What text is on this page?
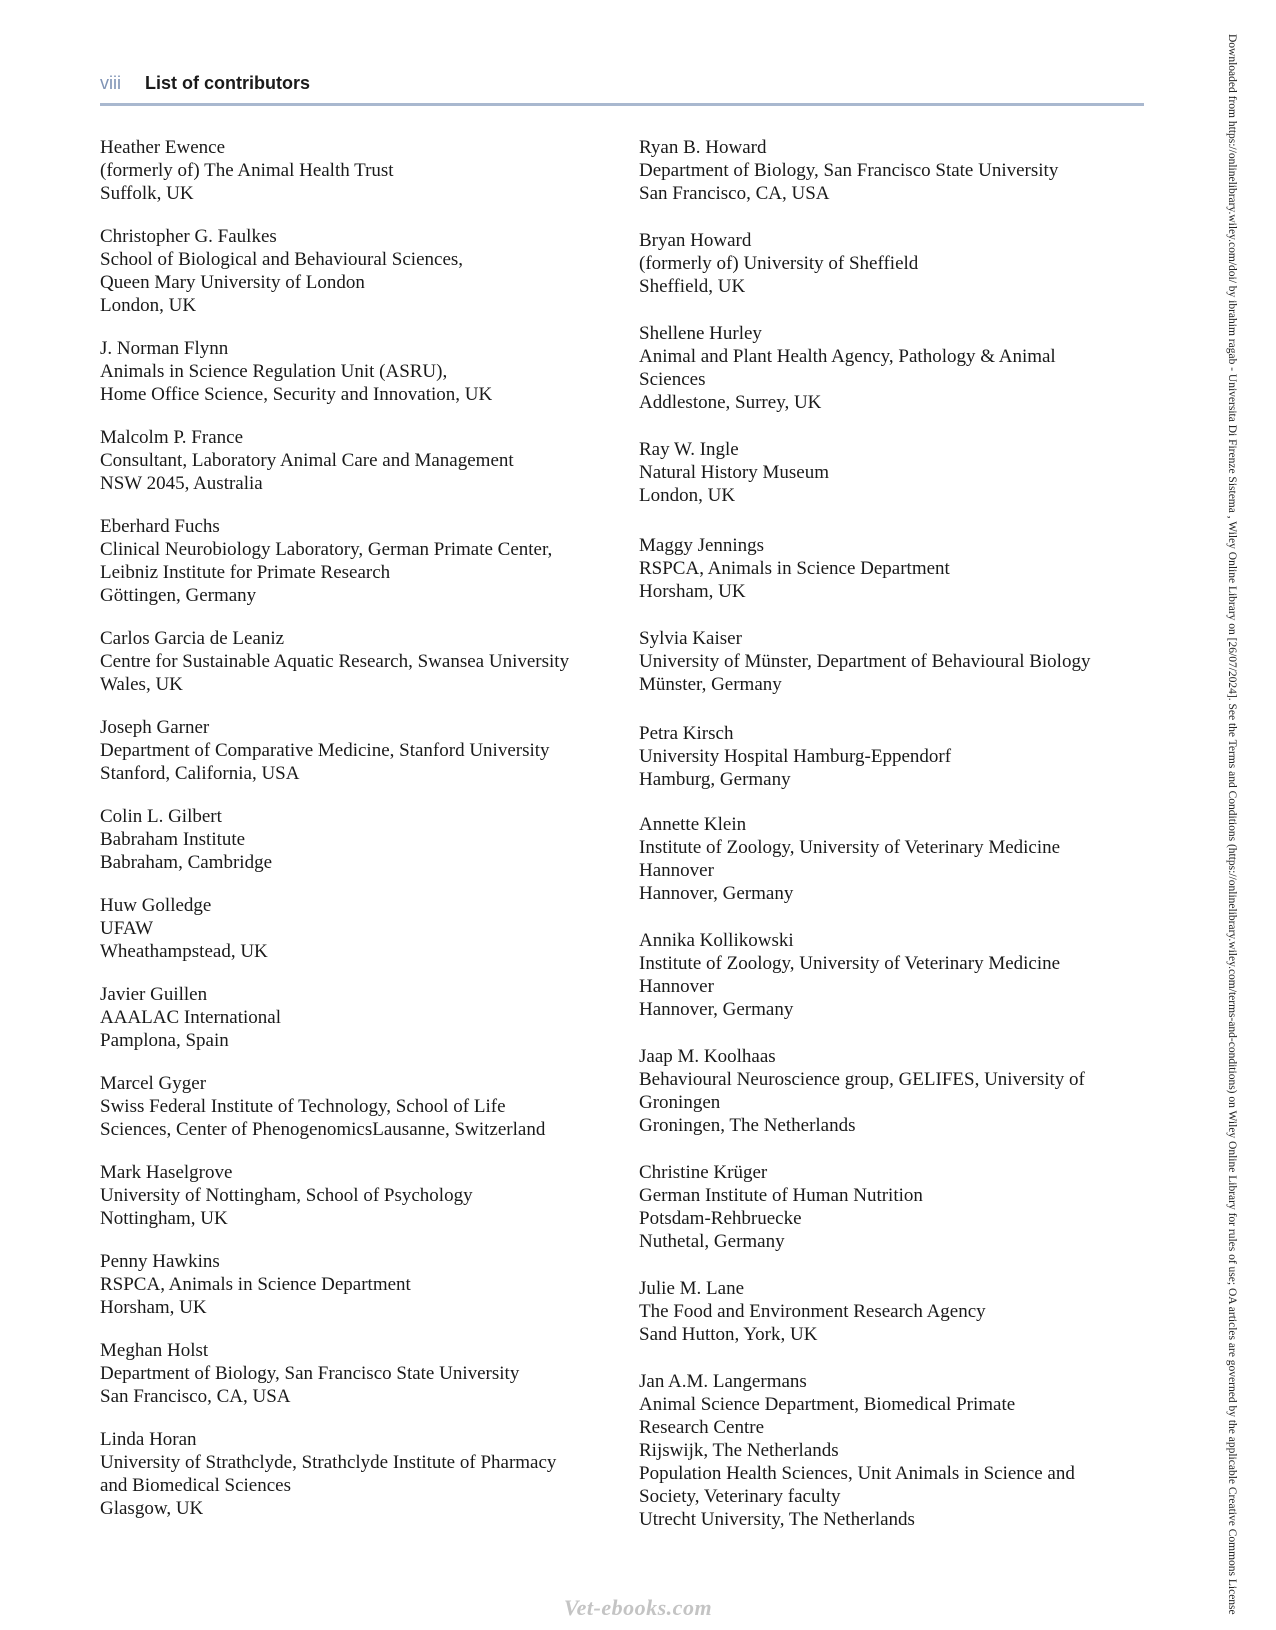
viii List of contributors
Heather Ewence
(formerly of) The Animal Health Trust
Suffolk, UK
Christopher G. Faulkes
School of Biological and Behavioural Sciences,
Queen Mary University of London
London, UK
J. Norman Flynn
Animals in Science Regulation Unit (ASRU),
Home Office Science, Security and Innovation, UK
Malcolm P. France
Consultant, Laboratory Animal Care and Management
NSW 2045, Australia
Eberhard Fuchs
Clinical Neurobiology Laboratory, German Primate Center,
Leibniz Institute for Primate Research
Göttingen, Germany
Carlos Garcia de Leaniz
Centre for Sustainable Aquatic Research, Swansea University
Wales, UK
Joseph Garner
Department of Comparative Medicine, Stanford University
Stanford, California, USA
Colin L. Gilbert
Babraham Institute
Babraham, Cambridge
Huw Golledge
UFAW
Wheathampstead, UK
Javier Guillen
AAALAC International
Pamplona, Spain
Marcel Gyger
Swiss Federal Institute of Technology, School of Life
Sciences, Center of PhenogenomicsLausanne, Switzerland
Mark Haselgrove
University of Nottingham, School of Psychology
Nottingham, UK
Penny Hawkins
RSPCA, Animals in Science Department
Horsham, UK
Meghan Holst
Department of Biology, San Francisco State University
San Francisco, CA, USA
Linda Horan
University of Strathclyde, Strathclyde Institute of Pharmacy
and Biomedical Sciences
Glasgow, UK
Ryan B. Howard
Department of Biology, San Francisco State University
San Francisco, CA, USA
Bryan Howard
(formerly of) University of Sheffield
Sheffield, UK
Shellene Hurley
Animal and Plant Health Agency, Pathology & Animal
Sciences
Addlestone, Surrey, UK
Ray W. Ingle
Natural History Museum
London, UK
Maggy Jennings
RSPCA, Animals in Science Department
Horsham, UK
Sylvia Kaiser
University of Münster, Department of Behavioural Biology
Münster, Germany
Petra Kirsch
University Hospital Hamburg-Eppendorf
Hamburg, Germany
Annette Klein
Institute of Zoology, University of Veterinary Medicine
Hannover
Hannover, Germany
Annika Kollikowski
Institute of Zoology, University of Veterinary Medicine
Hannover
Hannover, Germany
Jaap M. Koolhaas
Behavioural Neuroscience group, GELIFES, University of
Groningen
Groningen, The Netherlands
Christine Krüger
German Institute of Human Nutrition
Potsdam-Rehbruecke
Nuthetal, Germany
Julie M. Lane
The Food and Environment Research Agency
Sand Hutton, York, UK
Jan A.M. Langermans
Animal Science Department, Biomedical Primate
Research Centre
Rijswijk, The Netherlands
Population Health Sciences, Unit Animals in Science and
Society, Veterinary faculty
Utrecht University, The Netherlands	Downloaded from https://onlinelibrary.wiley.com/doi/ by ibrahim ragab - Universita Di Firenze Sistema , Wiley Online Library on [26/07/2024]. See the Terms and Conditions (https://onlinelibrary.wiley.com/terms-and-conditions) on Wiley Online Library for rules of use; OA articles are governed by the applicable Creative Commons License
Vet-ebooks.com
